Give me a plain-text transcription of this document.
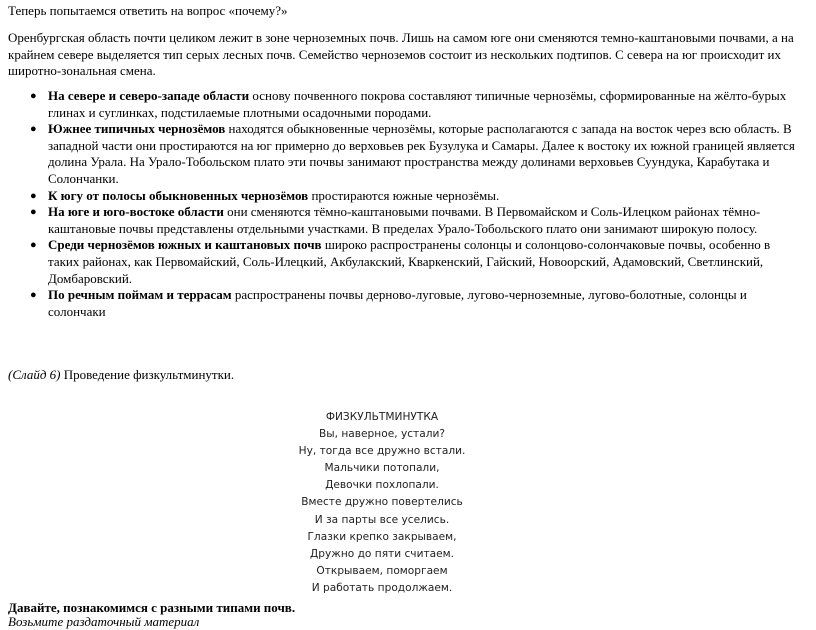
Теперь попытаемся ответить на вопрос «почему?»
Оренбургская область почти целиком лежит в зоне черноземных почв. Лишь на самом юге они сменяются темно-каштановыми почвами, а на крайнем севере выделяется тип серых лесных почв. Семейство черноземов состоит из нескольких подтипов. С севера на юг происходит их широтно-зональная смена.
● На севере и северо-западе области основу почвенного покрова составляют типичные чернозёмы, сформированные на жёлто-бурых глинах и суглинках, подстилаемые плотными осадочными породами.
● Южнее типичных чернозёмов находятся обыкновенные чернозёмы, которые располагаются с запада на восток через всю область. В западной части они простираются на юг примерно до верховьев рек Бузулука и Самары. Далее к востоку их южной границей является долина Урала. На Урало-Тобольском плато эти почвы занимают пространства между долинами верховьев Суундука, Карабутака и Солончанки.
● К югу от полосы обыкновенных чернозёмов простираются южные чернозёмы.
● На юге и юго-востоке области они сменяются тёмно-каштановыми почвами. В Первомайском и Соль-Илецком районах тёмно-каштановые почвы представлены отдельными участками. В пределах Урало-Тобольского плато они занимают широкую полосу.
● Среди чернозёмов южных и каштановых почв широко распространены солонцы и солонцово-солончаковые почвы, особенно в таких районах, как Первомайский, Соль-Илецкий, Акбулакский, Кваркенский, Гайский, Новоорский, Адамовский, Светлинский, Домбаровский.
● По речным поймам и террасам распространены почвы дерново-луговые, лугово-черноземные, лугово-болотные, солонцы и солончаки
(Слайд 6) Проведение физкультминутки.
ФИЗКУЛЬТМИНУТКА
Вы, наверное, устали?
Ну, тогда все дружно встали.
Мальчики потопали,
Девочки похлопали.
Вместе дружно повертелись
И за парты все уселись.
Глазки крепко закрываем,
Дружно до пяти считаем.
Открываем, поморгаем
И работать продолжаем.
Давайте, познакомимся с разными типами почв.
Возьмите раздаточный материал
